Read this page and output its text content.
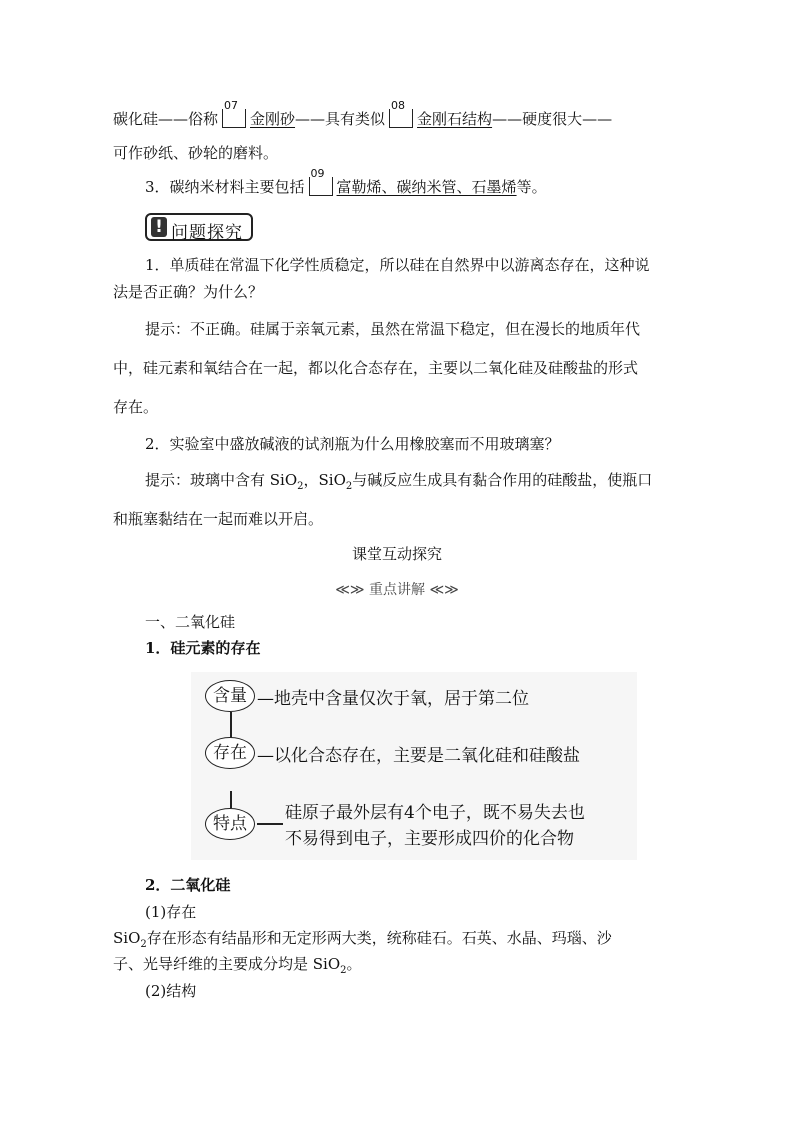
碳化硅——俗称
07
金刚砂——具有类似
08
金刚石结构——硬度很大——
可作砂纸、砂轮的磨料。
3．碳纳米材料主要包括
09
富勒烯、碳纳米管、石墨烯等。
! 问题探究
1．单质硅在常温下化学性质稳定，所以硅在自然界中以游离态存在，这种说
法是否正确？为什么？
提示：不正确。硅属于亲氧元素，虽然在常温下稳定，但在漫长的地质年代
中，硅元素和氧结合在一起，都以化合态存在，主要以二氧化硅及硅酸盐的形式
存在。
2．实验室中盛放碱液的试剂瓶为什么用橡胶塞而不用玻璃塞？
提示：玻璃中含有 SiO$_2$，SiO$_2$与碱反应生成具有黏合作用的硅酸盐，使瓶口
和瓶塞黏结在一起而难以开启。
课堂互动探究
≪≫ 重点讲解 ≪≫
一、二氧化硅
1．硅元素的存在
含量 —地壳中含量仅次于氧，居于第二位
存在 —以化合态存在，主要是二氧化硅和硅酸盐
特点
硅原子最外层有4个电子，既不易失去也
不易得到电子，主要形成四价的化合物
2．二氧化硅
(1)存在
SiO$_2$存在形态有结晶形和无定形两大类，统称硅石。石英、水晶、玛瑙、沙
子、光导纤维的主要成分均是 SiO$_2$。
(2)结构
